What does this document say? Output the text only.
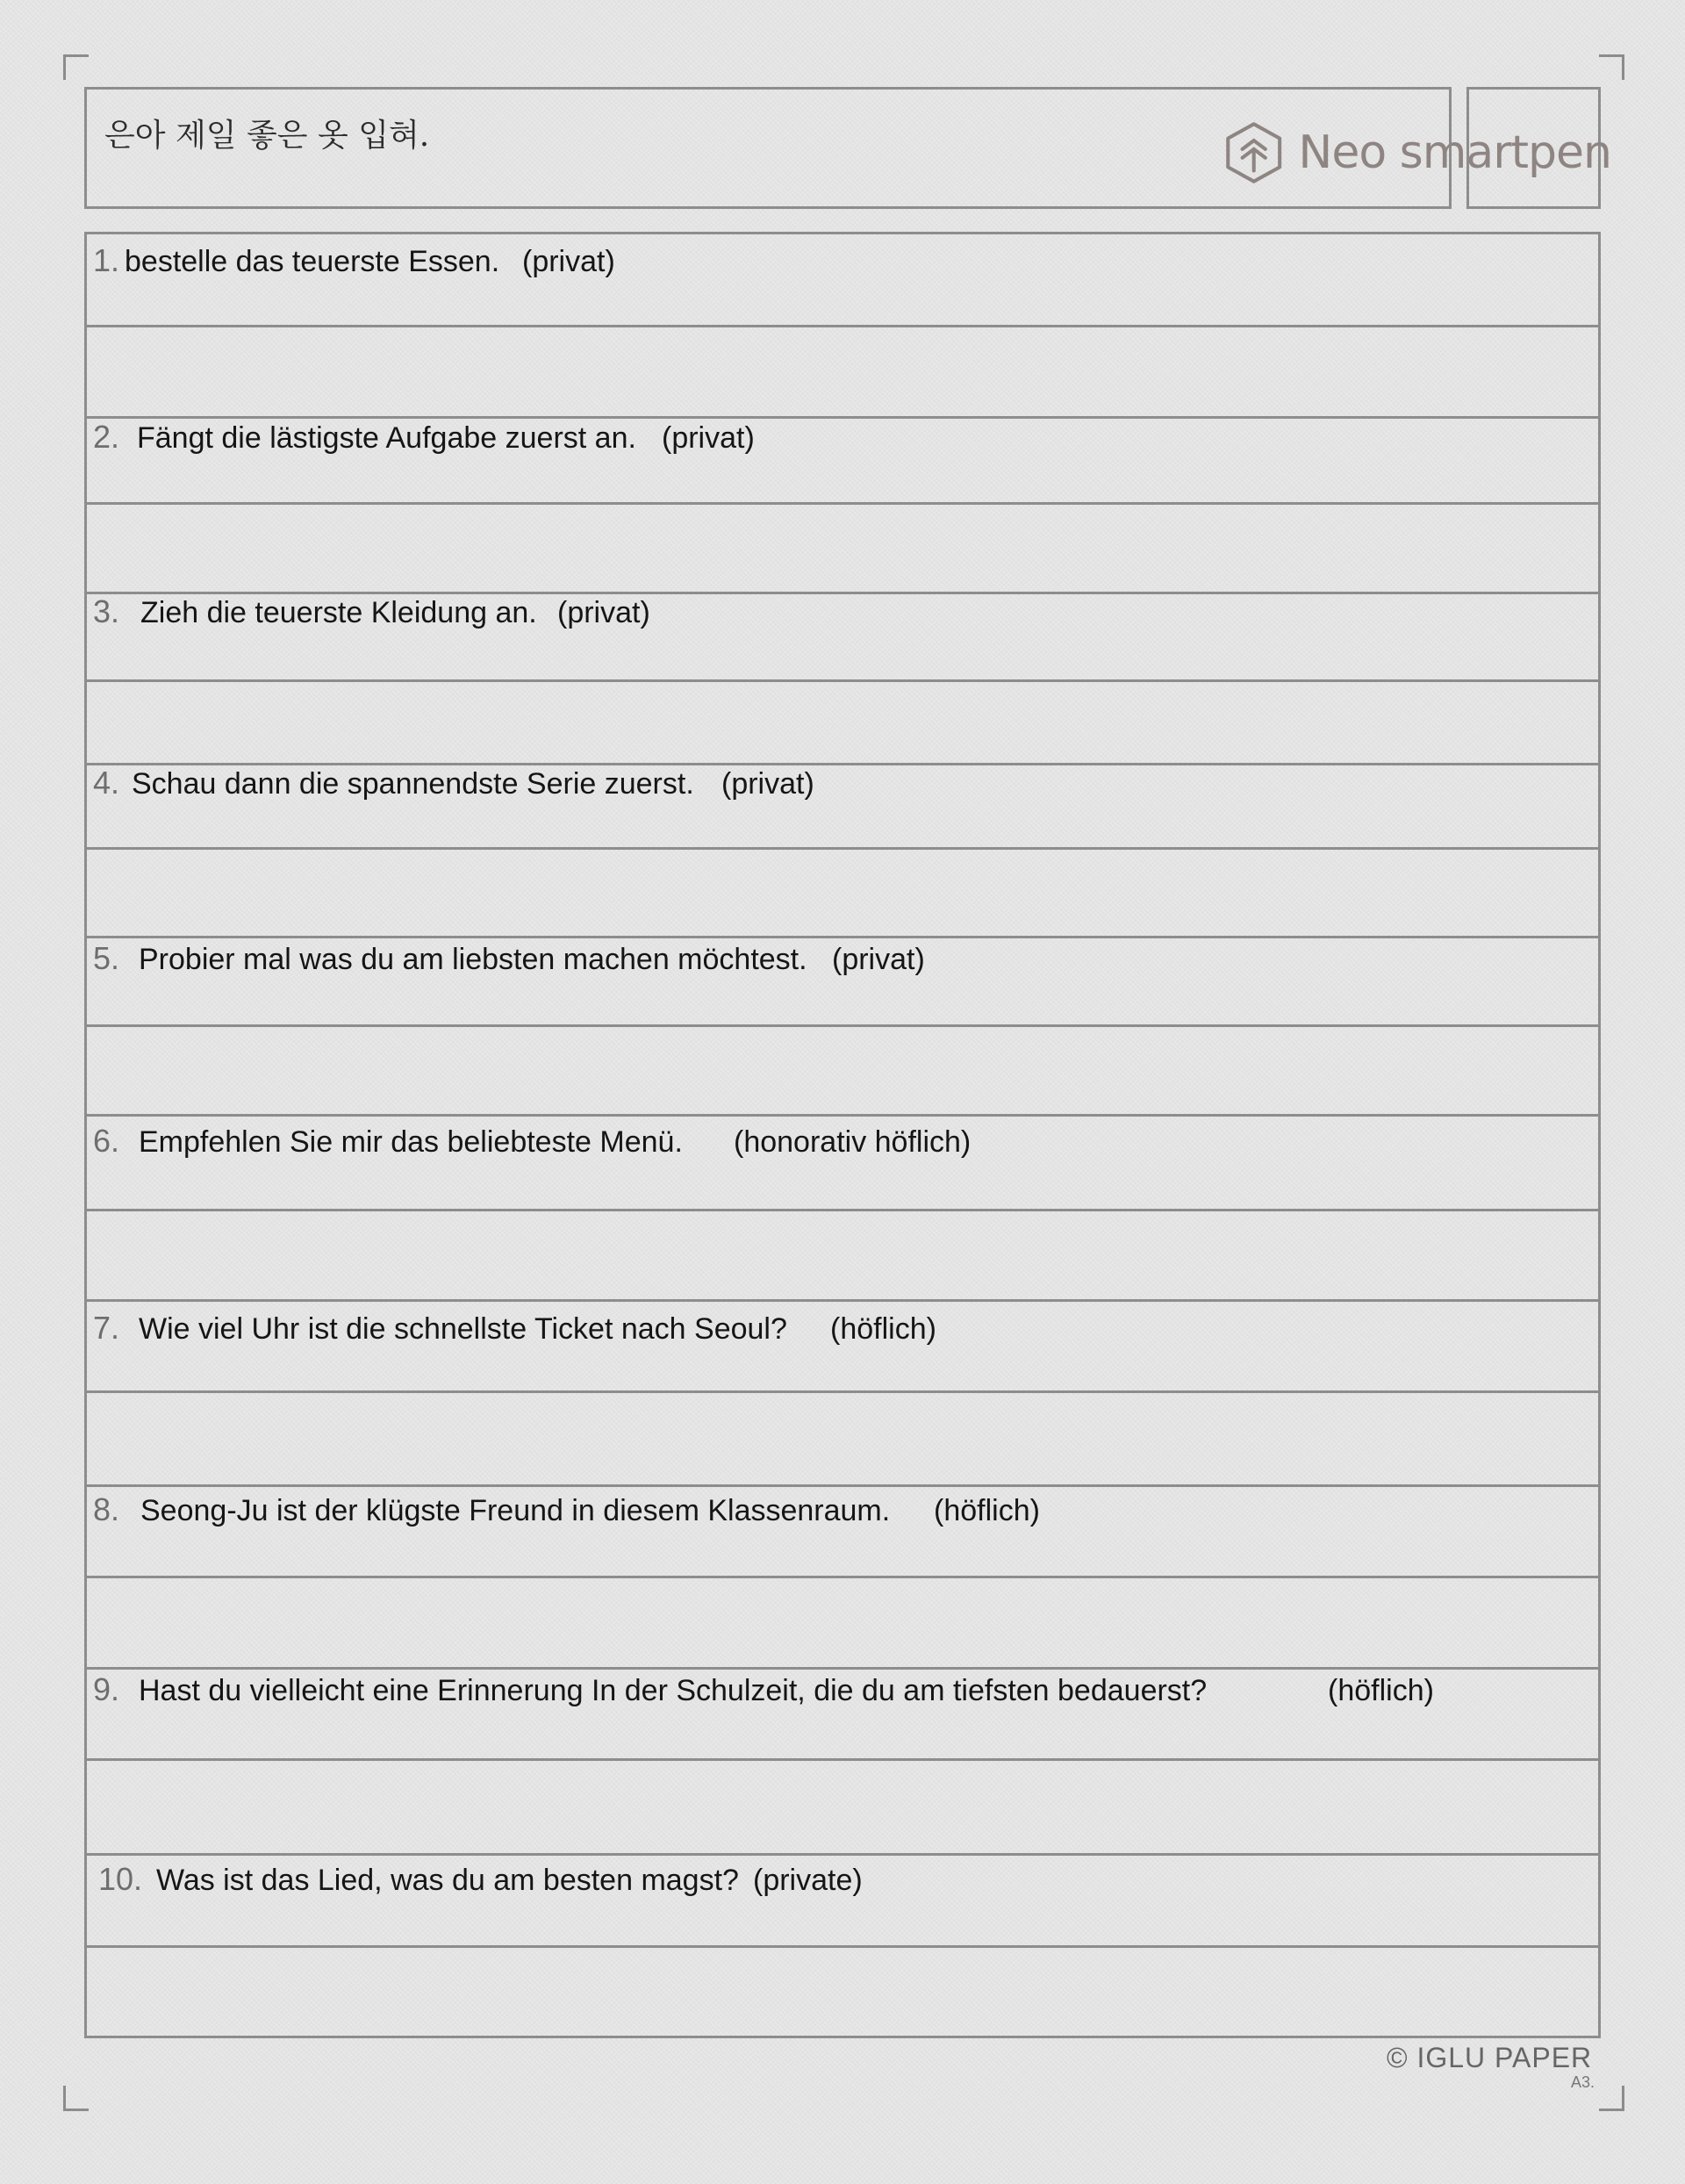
은아 제일 좋은 옷 입혀.	Neo smartpen
1. bestelle das teuerste Essen. (privat)
2. Fängt die lästigste Aufgabe zuerst an. (privat)
3. Zieh die teuerste Kleidung an. (privat)
4. Schau dann die spannendste Serie zuerst. (privat)
5. Probier mal was du am liebsten machen möchtest. (privat)
6. Empfehlen Sie mir das beliebteste Menü. (honorativ höflich)
7. Wie viel Uhr ist die schnellste Ticket nach Seoul? (höflich)
8. Seong-Ju ist der klügste Freund in diesem Klassenraum. (höflich)
9. Hast du vielleicht eine Erinnerung In der Schulzeit, die du am tiefsten bedauerst?	(höflich)
10. Was ist das Lied, was du am besten magst? (private)
© IGLU PAPER
A3.
